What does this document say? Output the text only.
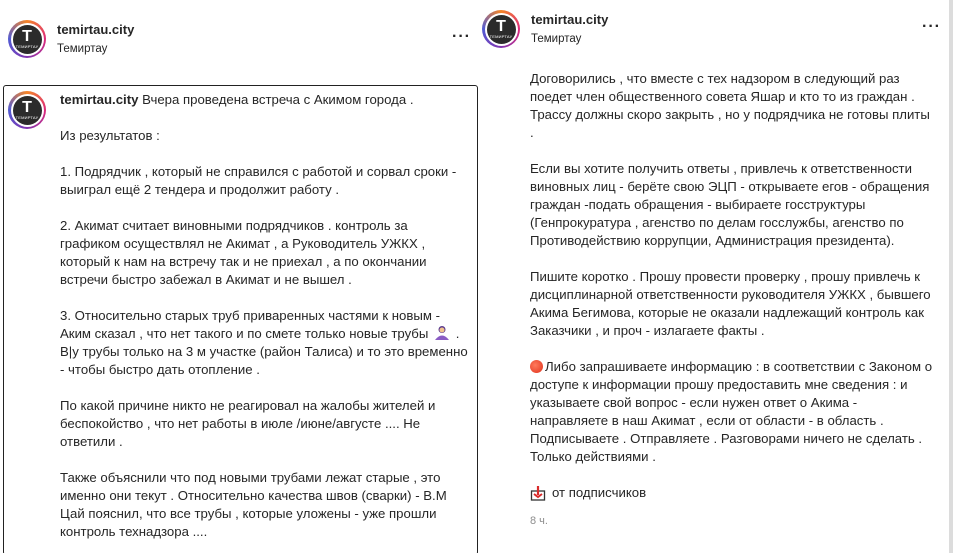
T
ТЕМИРТАУ
temirtau.city
Темиртау
···
T
ТЕМИРТАУ

temirtau.city Вчера проведена встреча с Акимом города .

Из результатов :

1. Подрядчик , который не справился с работой и сорвал сроки - выиграл ещё 2 тендера и продолжит работу .

2. Акимат считает виновными подрядчиков . контроль за графиком осуществлял не Акимат , а Руководитель УЖКХ , который к нам на встречу так и не приехал , а по окончании встречи быстро забежал в Акимат и не вышел .

3. Относительно старых труб приваренных частями к новым - Аким сказал , что нет такого и по смете только новые трубы . В|у трубы только на 3 м участке (район Талиса) и то это временно - чтобы быстро дать отопление .

По какой причине никто не реагировал на жалобы жителей и беспокойство , что нет работы в июле /июне/августе .... Не ответили .

Также объяснили что под новыми трубами лежат старые , это именно они текут . Относительно качества швов (сварки) - В.М Цай пояснил, что все трубы , которые уложены - уже прошли контроль технадзора ....

T
ТЕМИРТАУ
temirtau.city
Темиртау
···

Договорились , что вместе с тех надзором в следующий раз поедет член общественного совета Яшар и кто то из граждан . Трассу должны скоро закрыть , но у подрядчика не готовы плиты .

Если вы хотите получить ответы , привлечь к ответственности виновных лиц - берёте свою ЭЦП - открываете егов - обращения граждан -подать обращения - выбираете госструктуры (Генпрокуратура , агенство по делам госслужбы, агенство по Противодействию коррупции, Администрация президента).

Пишите коротко . Прошу провести проверку , прошу привлечь к дисциплинарной ответственности руководителя УЖКХ , бывшего Акима Бегимова, которые не оказали надлежащий контроль как Заказчики , и проч - излагаете факты .

Либо запрашиваете информацию : в соответствии с Законом о доступе к информации прошу предоставить мне сведения : и указываете свой вопрос - если нужен ответ о Акима - направляете в наш Акимат , если от области - в область . Подписываете . Отправляете . Разговорами ничего не сделать . Только действиями .

от подписчиков
8 ч.
